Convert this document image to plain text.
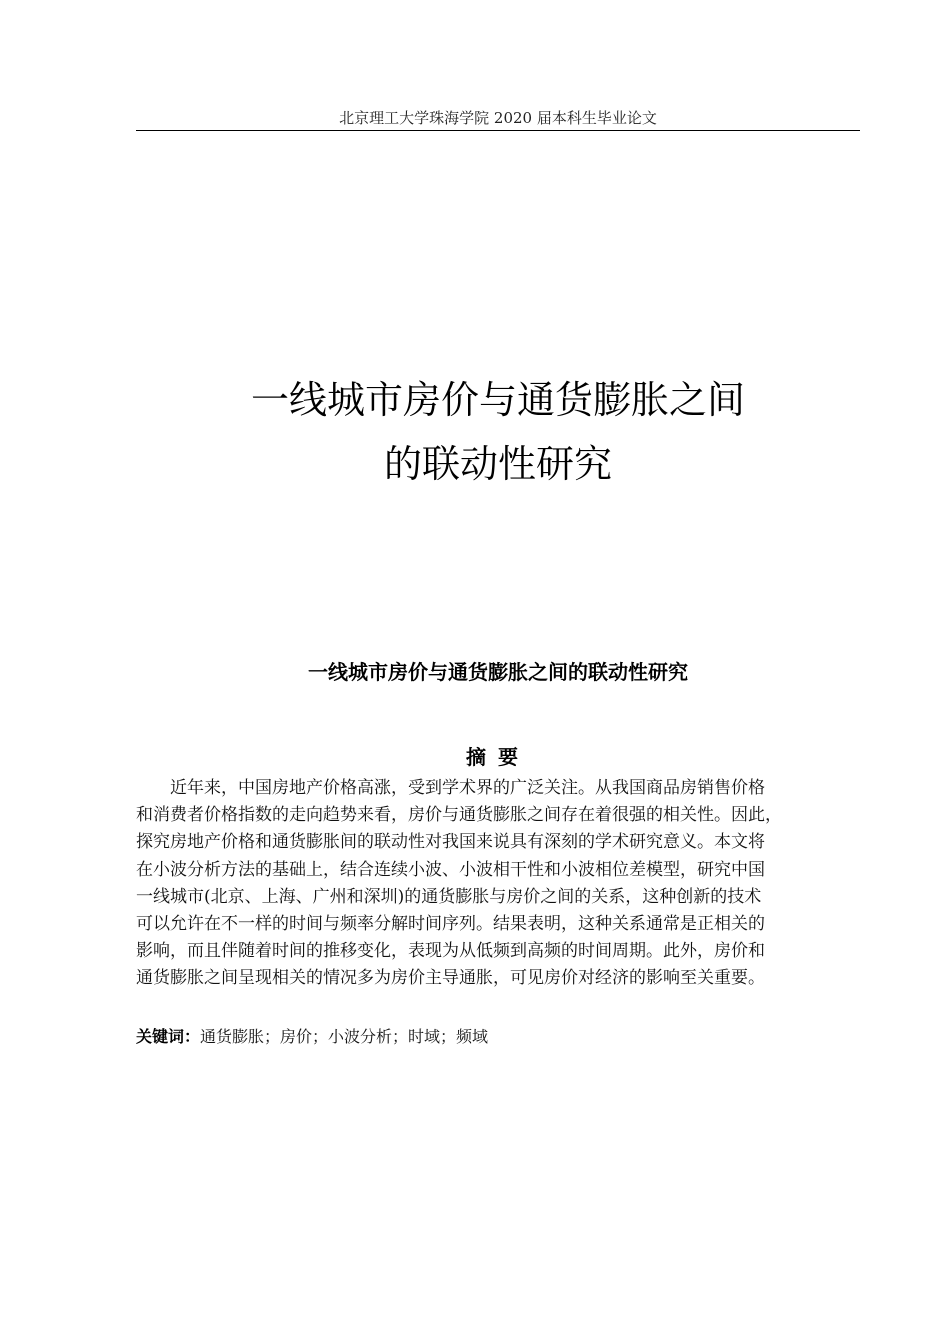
北京理工大学珠海学院 2020 届本科生毕业论文
一线城市房价与通货膨胀之间
的联动性研究
一线城市房价与通货膨胀之间的联动性研究
摘要
近年来，中国房地产价格高涨，受到学术界的广泛关注。从我国商品房销售价格
和消费者价格指数的走向趋势来看，房价与通货膨胀之间存在着很强的相关性。因此，
探究房地产价格和通货膨胀间的联动性对我国来说具有深刻的学术研究意义。本文将
在小波分析方法的基础上，结合连续小波、小波相干性和小波相位差模型，研究中国
一线城市(北京、上海、广州和深圳)的通货膨胀与房价之间的关系，这种创新的技术
可以允许在不一样的时间与频率分解时间序列。结果表明，这种关系通常是正相关的
影响，而且伴随着时间的推移变化，表现为从低频到高频的时间周期。此外，房价和
通货膨胀之间呈现相关的情况多为房价主导通胀，可见房价对经济的影响至关重要。
关键词：通货膨胀；房价；小波分析；时域；频域
